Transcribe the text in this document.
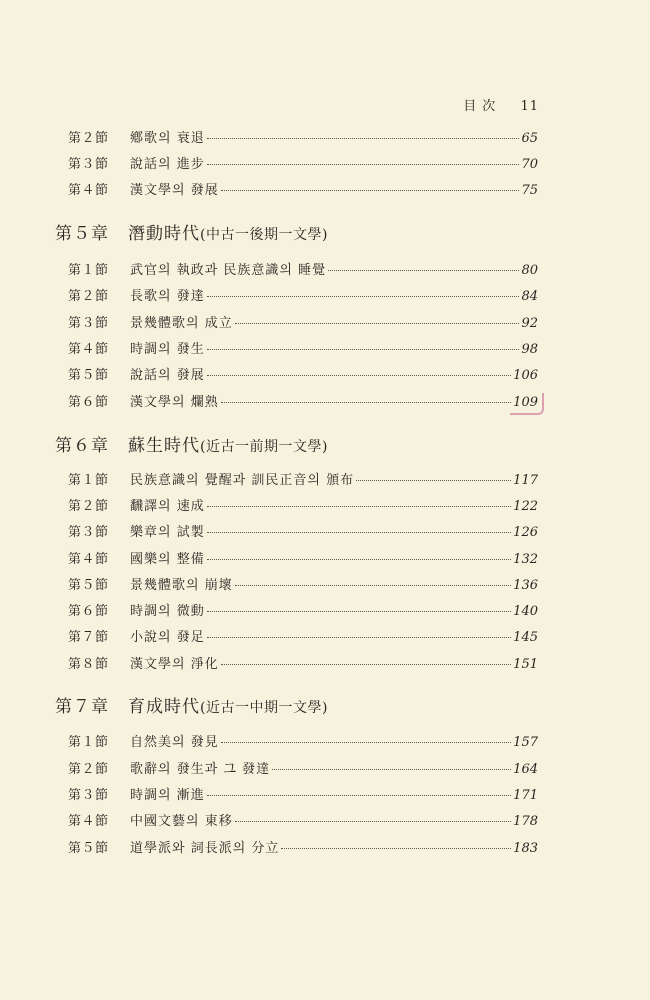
目次 11
第２節	鄕歌의 衰退	65
第３節	說話의 進步	70
第４節	漢文學의 發展	75
第５章	潛動時代 (中古一後期一文學)
第１節	武官의 執政과 民族意識의 睡覺	80
第２節	長歌의 發達	84
第３節	景幾體歌의 成立	92
第４節	時調의 發生	98
第５節	說話의 發展	106
第６節	漢文學의 爛熟	109
第６章	蘇生時代 (近古一前期一文學)
第１節	民族意識의 覺醒과 訓民正音의 頒布	117
第２節	飜譯의 速成	122
第３節	樂章의 試製	126
第４節	國樂의 整備	132
第５節	景幾體歌의 崩壞	136
第６節	時調의 微動	140
第７節	小說의 發足	145
第８節	漢文學의 淨化	151
第７章	育成時代 (近古一中期一文學)
第１節	自然美의 發見	157
第２節	歌辭의 發生과 그 發達	164
第３節	時調의 漸進	171
第４節	中國文藝의 東移	178
第５節	道學派와 詞長派의 分立	183
